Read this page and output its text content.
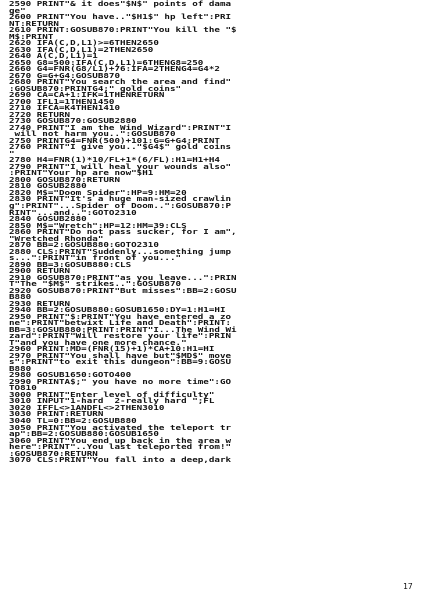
2590 PRINT"& it does"$N$" points of dama
ge"
2600 PRINT"You have.."$H1$" hp left":PRI
NT:RETURN
2610 PRINT:GOSUB870:PRINT"You kill the "$
M$:PRINT
2620 IFA(C,D,L1)>=6THEN2650
2630 IFA(C,D,L1)=2THEN2650
2640 A(C,D,L1)=1
2650 G8=500:IFA(C,D,L1)=6THENG8=250
2660 G4=FNR(G8/L1)+76:IFA=2THENG4=G4*2
2670 G=G+G4:GOSUB870
2680 PRINT"You search the area and find"
:GOSUB870:PRINTG4;" gold coins"
2690 CA=CA+1:IFK=1THENRETURN
2700 IFL1=1THEN1450
2710 IFCA=K4THEN1410
2720 RETURN
2730 GOSUB870:GOSUB2880
2740 PRINT"I am the Wind Wizard":PRINT"I
will not harm you..":GOSUB870
2750 PRINTG4=FNR(500)+101:G=G+G4:PRINT
2760 PRINT"I give you.."$G4$" gold coins
"
2780 H4=FNR(1)*10/FL+1*(6/FL):H1=H1+H4
2790 PRINT"I will heal your wounds also"
:PRINT"Your hp are now"$H1
2800 GOSUB870:RETURN
2810 GOSUB2880
2820 M$="Doom Spider":HP=9:HM=20
2830 PRINT"It's a huge man-sized crawlin
g":PRINT"...Spider of Doom..":GOSUB870:P
RINT"...and..":GOTO2310
2840 GOSUB2880
2850 M$="Wretch":HP=12:HM=39:CLS
2860 PRINT"Do not pass sucker, for I am",
"Wretched Rhonda"
2870 BB=2:GOSUB880:GOTO2310
2880 CLS:PRINT"Suddenly...something jump
s...":PRINT"in front of you..."
2890 BB=3:GOSUB880:CLS
2900 RETURN
2910 GOSUB870:PRINT"as you leave...":PRIN
T"The "$M$" strikes..":GOSUB870
2920 GOSUB870:PRINT"But misses":BB=2:GOSU
B880
2930 RETURN
2940 BB=2:GOSUB880:GOSUB1650:DY=1:H1=HI
2950 PRINT"$:PRINT"You have entered a zo
ne":PRINT"betwixt Life and Death":PRINT:
BB=3:GOSUB880:PRINT:PRINT"I...The Wind Wi
zard":PRINT"Will restore your life":PRIN
T"and you have one more chance."
2960 PRINT:MD=(FNR(15)+1)*CA+10:H1=HI
2970 PRINT"You shall have but"$MD$" move
s":PRINT"to exit this dungeon":BB=9:GOSU
B880
2980 GOSUB1650:GOTO400
2990 PRINTA$;" you have no more time":GO
TO810
3000 PRINT"Enter level of difficulty"
3010 INPUT"1-hard  2-really hard ";FL
3020 IFFL<>1ANDFL<>2THEN3010
3030 PRINT:RETURN
3040 TL=0:BB=2:GOSUB880
3050 PRINT"You activated the teleport tr
ap":BB=2:GOSUB880:GOSUB1650
3060 PRINT"You end up back in the area w
here":PRINT"..You last teleported from!"
:GOSUB870:RETURN
3070 CLS:PRINT"You fall into a deep,dark
17
